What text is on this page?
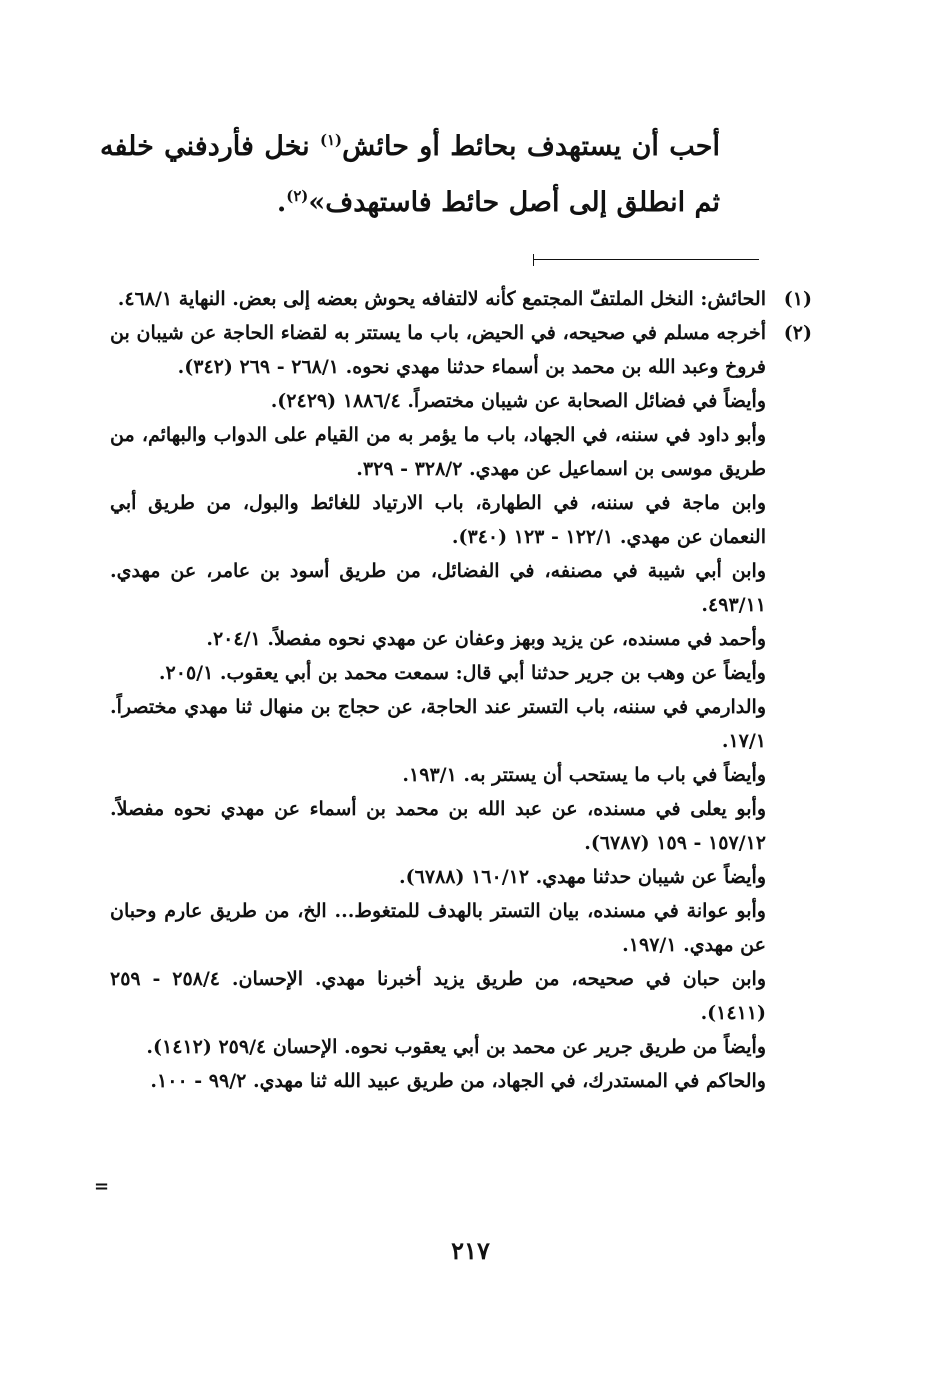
أحب أن يستهدف بحائط أو حائش$^{(١)}$ نخل فأردفني خلفه ثم انطلق إلى أصل حائط فاستهدف»$^{(٢)}$.

(١)الحائش: النخل الملتفّ المجتمع كأنه لالتفافه يحوش بعضه إلى بعض. النهاية ٤٦٨/١.

(٢)أخرجه مسلم في صحيحه، في الحيض، باب ما يستتر به لقضاء الحاجة عن شيبان بن فروخ وعبد الله بن محمد بن أسماء حدثنا مهدي نحوه. ٢٦٨/١ - ٢٦٩ (٣٤٢).

وأيضاً في فضائل الصحابة عن شيبان مختصراً. ١٨٨٦/٤ (٢٤٢٩).

وأبو داود في سننه، في الجهاد، باب ما يؤمر به من القيام على الدواب والبهائم، من طريق موسى بن اسماعيل عن مهدي. ٣٢٨/٢ - ٣٢٩.

وابن ماجة في سننه، في الطهارة، باب الارتياد للغائط والبول، من طريق أبي النعمان عن مهدي. ١٢٢/١ - ١٢٣ (٣٤٠).

وابن أبي شيبة في مصنفه، في الفضائل، من طريق أسود بن عامر، عن مهدي. ٤٩٣/١١.

وأحمد في مسنده، عن يزيد وبهز وعفان عن مهدي نحوه مفصلاً. ٢٠٤/١.

وأيضاً عن وهب بن جرير حدثنا أبي قال: سمعت محمد بن أبي يعقوب. ٢٠٥/١.

والدارمي في سننه، باب التستر عند الحاجة، عن حجاج بن منهال ثنا مهدي مختصراً. ١٧/١.

وأيضاً في باب ما يستحب أن يستتر به. ١٩٣/١.

وأبو يعلى في مسنده، عن عبد الله بن محمد بن أسماء عن مهدي نحوه مفصلاً. ١٥٧/١٢ - ١٥٩ (٦٧٨٧).

وأيضاً عن شيبان حدثنا مهدي. ١٦٠/١٢ (٦٧٨٨).

وأبو عوانة في مسنده، بيان التستر بالهدف للمتغوط... الخ، من طريق عارم وحبان عن مهدي. ١٩٧/١.

وابن حبان في صحيحه، من طريق يزيد أخبرنا مهدي. الإحسان. ٢٥٨/٤ - ٢٥٩ (١٤١١).

وأيضاً من طريق جرير عن محمد بن أبي يعقوب نحوه. الإحسان ٢٥٩/٤ (١٤١٢).

والحاكم في المستدرك، في الجهاد، من طريق عبيد الله ثنا مهدي. ٩٩/٢ - ١٠٠.

=
٢١٧
